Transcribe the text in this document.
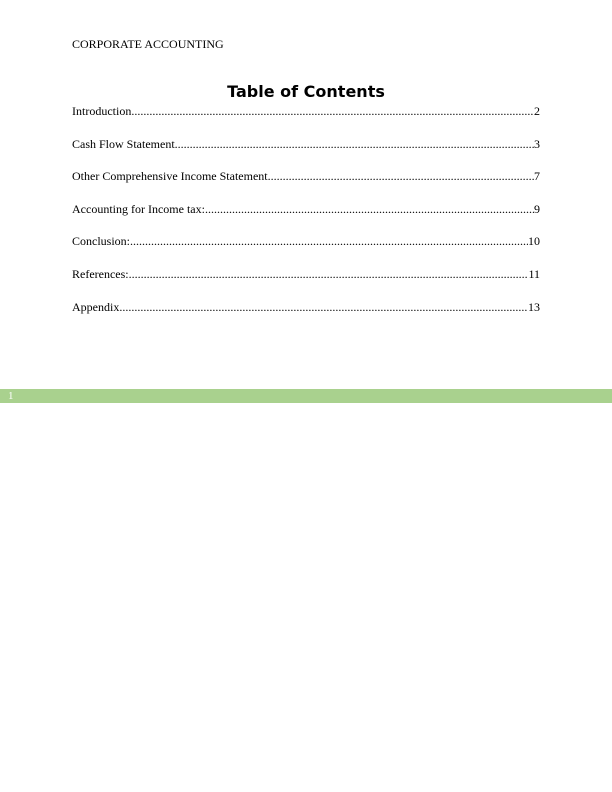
CORPORATE ACCOUNTING
Table of Contents
Introduction .....	2
Cash Flow Statement .....	3
Other Comprehensive Income Statement .....	7
Accounting for Income tax: .....	9
Conclusion: .....	10
References: .....	11
Appendix .....	13
1
